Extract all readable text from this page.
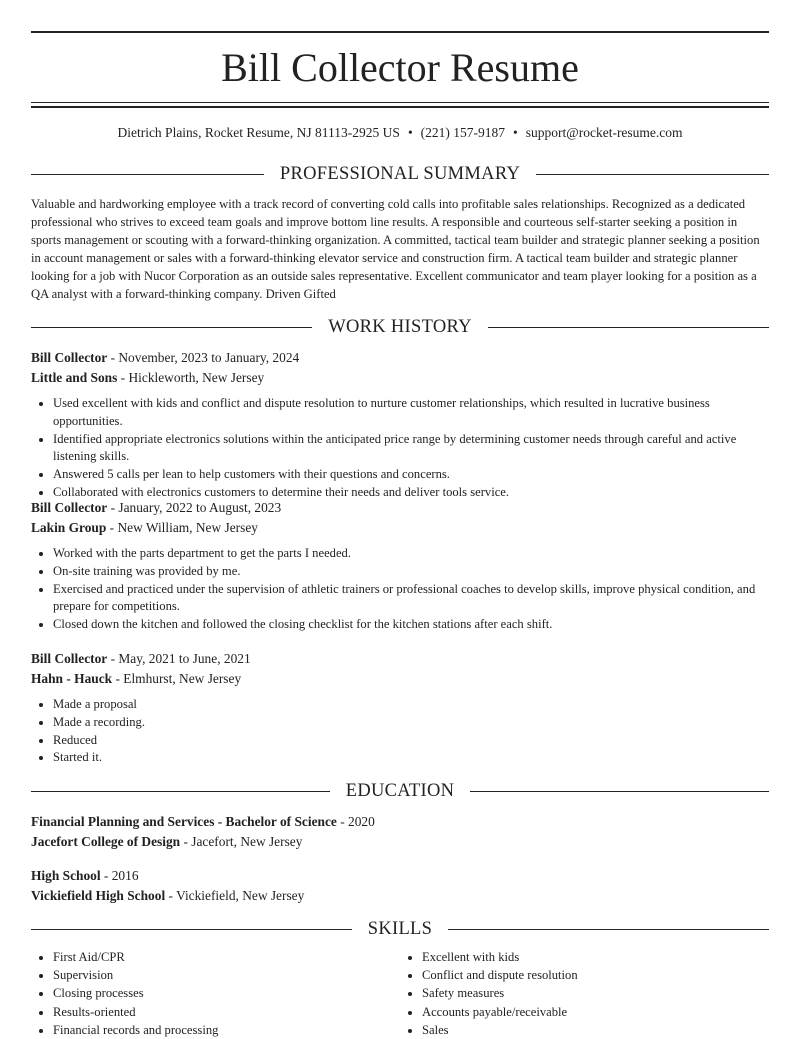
Bill Collector Resume
Dietrich Plains, Rocket Resume, NJ 81113-2925 US • (221) 157-9187 • support@rocket-resume.com
PROFESSIONAL SUMMARY
Valuable and hardworking employee with a track record of converting cold calls into profitable sales relationships. Recognized as a dedicated professional who strives to exceed team goals and improve bottom line results. A responsible and courteous self-starter seeking a position in sports management or scouting with a forward-thinking organization. A committed, tactical team builder and strategic planner seeking a position in account management or sales with a forward-thinking elevator service and construction firm. A tactical team builder and strategic planner looking for a job with Nucor Corporation as an outside sales representative. Excellent communicator and team player looking for a position as a QA analyst with a forward-thinking company. Driven Gifted
WORK HISTORY
Bill Collector - November, 2023 to January, 2024
Little and Sons - Hickleworth, New Jersey
• Used excellent with kids and conflict and dispute resolution to nurture customer relationships, which resulted in lucrative business opportunities.
• Identified appropriate electronics solutions within the anticipated price range by determining customer needs through careful and active listening skills.
• Answered 5 calls per lean to help customers with their questions and concerns.
• Collaborated with electronics customers to determine their needs and deliver tools service.
Bill Collector - January, 2022 to August, 2023
Lakin Group - New William, New Jersey
• Worked with the parts department to get the parts I needed.
• On-site training was provided by me.
• Exercised and practiced under the supervision of athletic trainers or professional coaches to develop skills, improve physical condition, and prepare for competitions.
• Closed down the kitchen and followed the closing checklist for the kitchen stations after each shift.
Bill Collector - May, 2021 to June, 2021
Hahn - Hauck - Elmhurst, New Jersey
• Made a proposal
• Made a recording.
• Reduced
• Started it.
EDUCATION
Financial Planning and Services - Bachelor of Science - 2020
Jacefort College of Design - Jacefort, New Jersey
High School - 2016
Vickiefield High School - Vickiefield, New Jersey
SKILLS
• First Aid/CPR
• Supervision
• Closing processes
• Results-oriented
• Financial records and processing
• Excellent with kids
• Conflict and dispute resolution
• Safety measures
• Accounts payable/receivable
• Sales
